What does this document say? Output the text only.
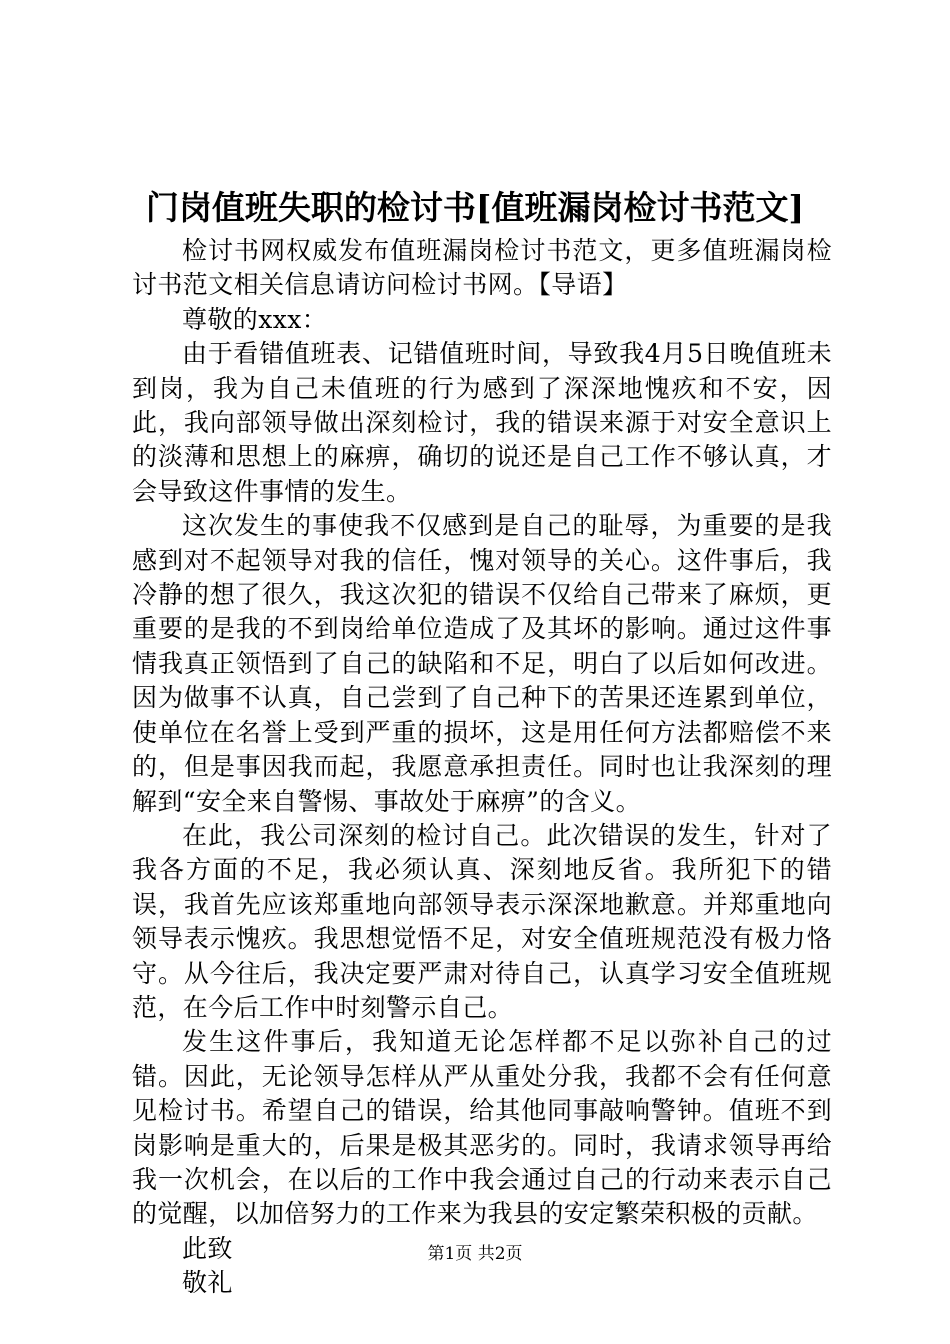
门岗值班失职的检讨书[值班漏岗检讨书范文]

检讨书网权威发布值班漏岗检讨书范文，更多值班漏岗检讨书范文相关信息请访问检讨书网。【导语】

尊敬的xxx：

由于看错值班表、记错值班时间，导致我4月5日晚值班未到岗，我为自己未值班的行为感到了深深地愧疚和不安，因此，我向部领导做出深刻检讨，我的错误来源于对安全意识上的淡薄和思想上的麻痹，确切的说还是自己工作不够认真，才会导致这件事情的发生。

这次发生的事使我不仅感到是自己的耻辱，为重要的是我感到对不起领导对我的信任，愧对领导的关心。这件事后，我冷静的想了很久，我这次犯的错误不仅给自己带来了麻烦，更重要的是我的不到岗给单位造成了及其坏的影响。通过这件事情我真正领悟到了自己的缺陷和不足，明白了以后如何改进。因为做事不认真，自己尝到了自己种下的苦果还连累到单位，使单位在名誉上受到严重的损坏，这是用任何方法都赔偿不来的，但是事因我而起，我愿意承担责任。同时也让我深刻的理解到“安全来自警惕、事故处于麻痹”的含义。

在此，我公司深刻的检讨自己。此次错误的发生，针对了我各方面的不足，我必须认真、深刻地反省。我所犯下的错误，我首先应该郑重地向部领导表示深深地歉意。并郑重地向领导表示愧疚。我思想觉悟不足，对安全值班规范没有极力恪守。从今往后，我决定要严肃对待自己，认真学习安全值班规范，在今后工作中时刻警示自己。

发生这件事后，我知道无论怎样都不足以弥补自己的过错。因此，无论领导怎样从严从重处分我，我都不会有任何意见检讨书。希望自己的错误，给其他同事敲响警钟。值班不到岗影响是重大的，后果是极其恶劣的。同时，我请求领导再给我一次机会，在以后的工作中我会通过自己的行动来表示自己的觉醒，以加倍努力的工作来为我县的安定繁荣积极的贡献。

此致

敬礼

第1页 共2页
